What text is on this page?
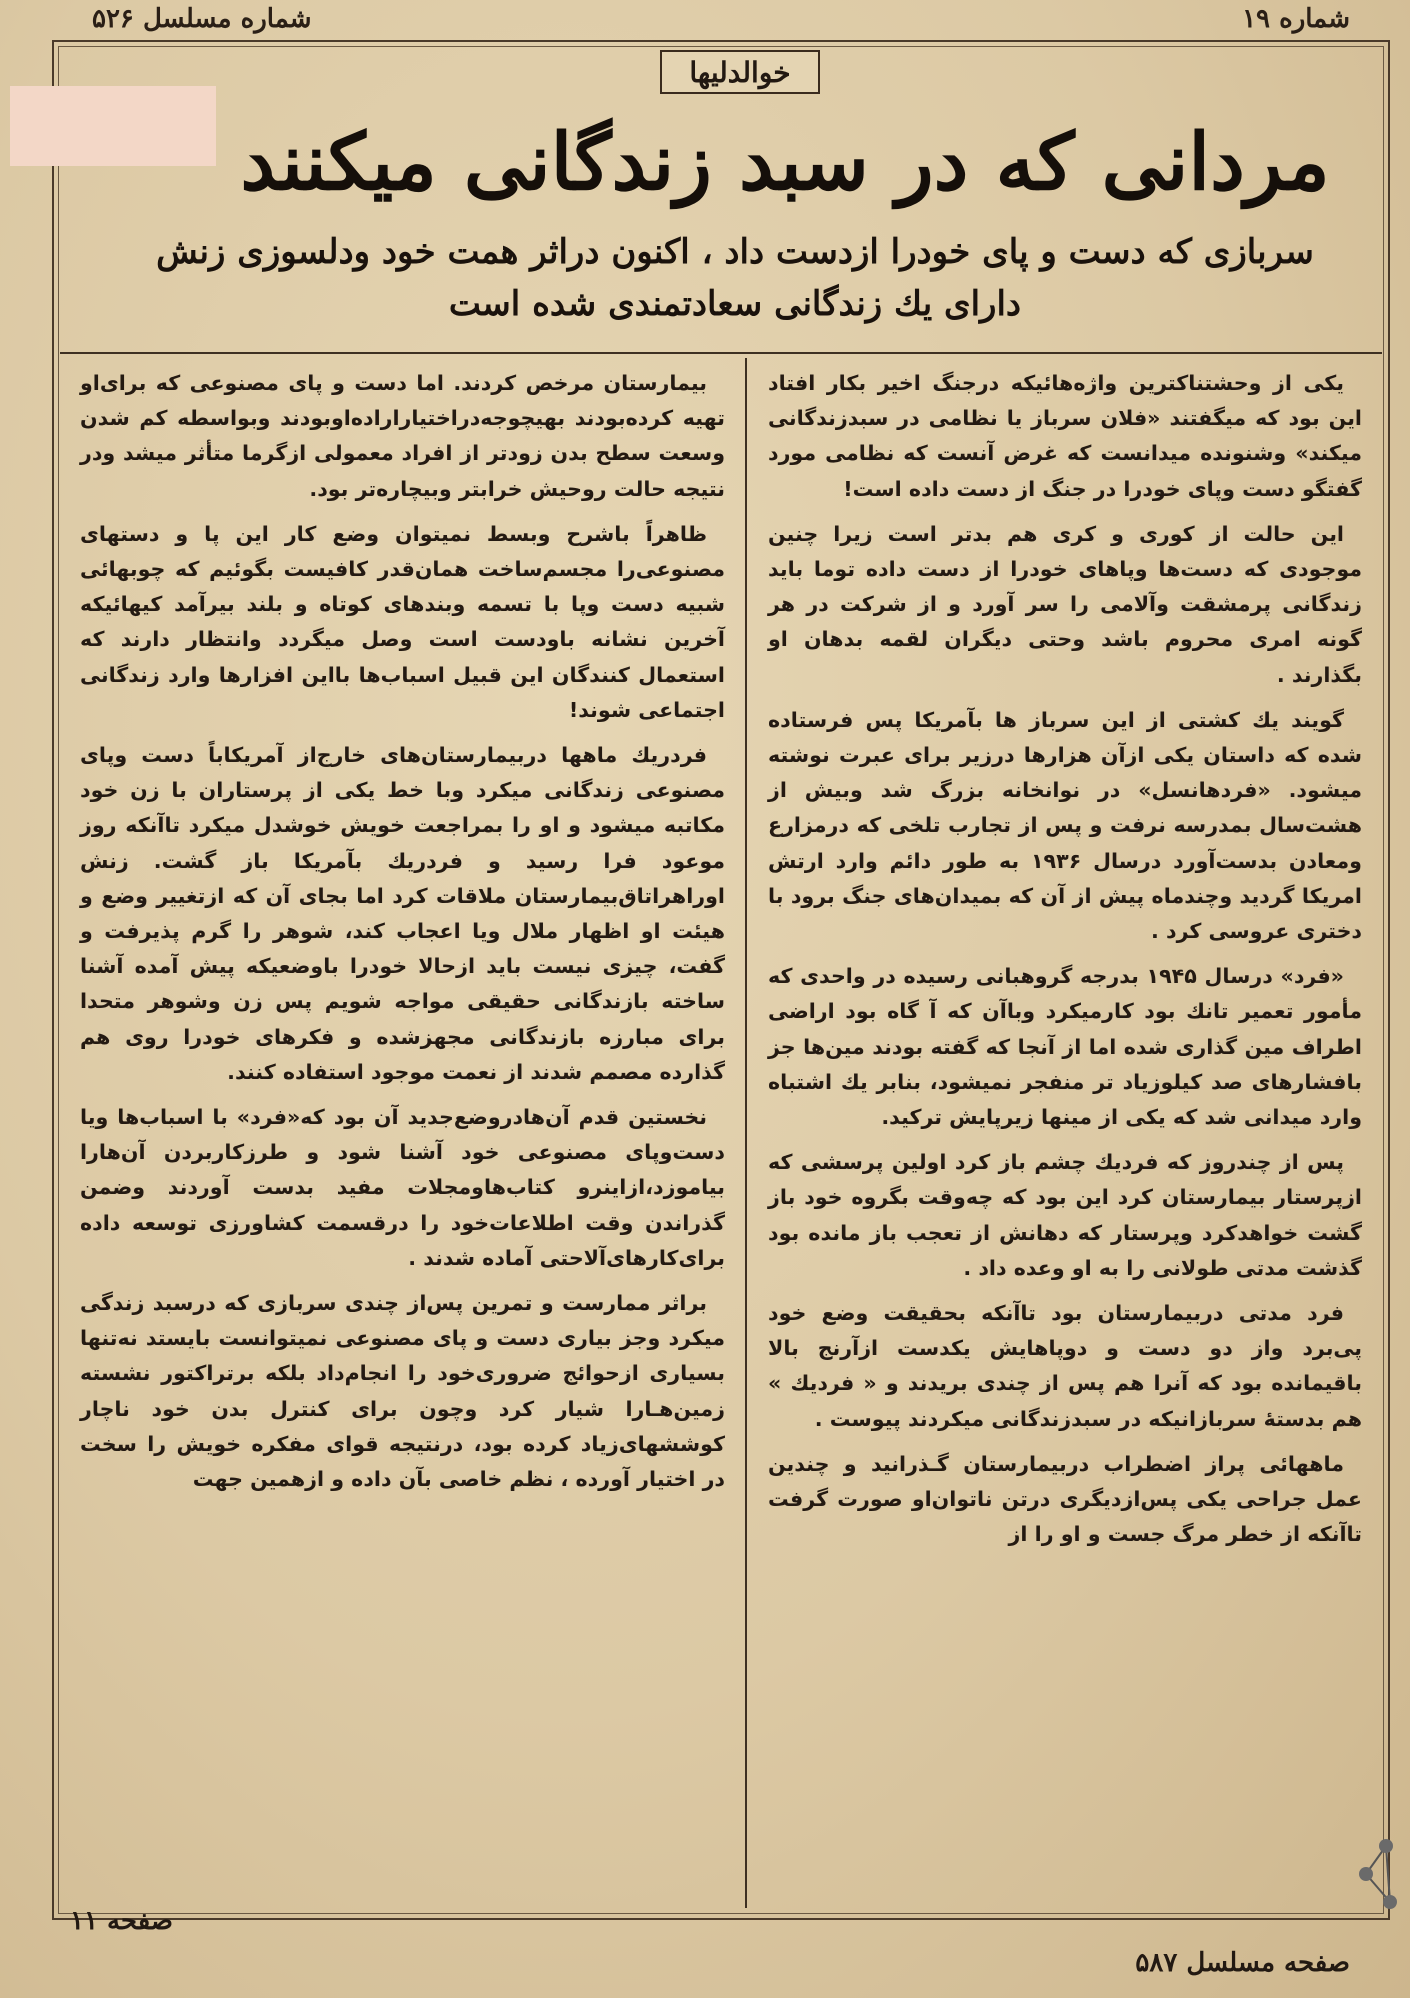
شماره مسلسل ۵۲۶	شماره ۱۹
خوالدلیها
مردانی که در سبد زندگانی میکنند
سربازی که دست و پای خودرا ازدست داد ، اکنون دراثر همت خود ودلسوزی زنش دارای یك زندگانی سعادتمندی شده است

یکی از وحشتناکترین واژه‌هائیکه درجنگ اخیر بکار افتاد این بود که میگفتند «فلان سرباز یا نظامی در سبدزندگانی میکند» وشنونده میدانست که غرض آنست که نظامی مورد گفتگو دست وپای خودرا در جنگ از دست داده است!

این حالت از کوری و کری هم بدتر است زیرا چنین موجودی که دست‌ها وپاهای خودرا از دست داده توما باید زندگانی پرمشقت وآلامی را سر آورد و از شرکت در هر گونه امری محروم باشد وحتی دیگران لقمه بدهان او بگذارند .

گویند یك کشتی از این سرباز ها بآمریکا پس فرستاده شده که داستان یکی ازآن هزارها درزیر برای عبرت نوشته میشود. «فردهانسل» در نوانخانه بزرگ شد وبیش از هشت‌سال بمدرسه نرفت و پس از تجارب تلخی که درمزارع ومعادن بدست‌آورد درسال ۱۹۳۶ به طور دائم وارد ارتش امریکا گردید وچندماه پیش از آن که بمیدان‌های جنگ برود با دختری عروسی کرد .

«فرد» درسال ۱۹۴۵ بدرجه گروهبانی رسیده در واحدی که مأمور تعمیر تانك بود کارمیکرد وباآن که آ گاه بود اراضی اطراف مین گذاری شده اما از آنجا که گفته بودند مین‌ها جز بافشارهای صد کیلوزیاد تر منفجر نمیشود، بنابر یك اشتباه وارد میدانی شد که یکی از مینها زیرپایش ترکید.

پس از چندروز که فردیك چشم باز کرد اولین پرسشی که ازپرستار بیمارستان کرد این بود که چه‌وقت بگروه خود باز گشت خواهدکرد وپرستار که دهانش از تعجب باز مانده بود گذشت مدتی طولانی را به او وعده داد .

فرد مدتی دربیمارستان بود تاآنکه بحقیقت وضع خود پی‌برد واز دو دست و دوپاهایش یکدست ازآرنج بالا باقیمانده بود که آنرا هم پس از چندی بریدند و « فردیك » هم بدستهٔ سربازانیکه در سبدزندگانی میکردند پیوست .

ماههائی پراز اضطراب دربیمارستان گـذرانید و چندین عمل جراحی یکی پس‌ازدیگری درتن ناتوان‌او صورت گرفت تاآنکه از خطر مرگ جست و او را از

بیمارستان مرخص کردند. اما دست و پای مصنوعی که برای‌او تهیه کرده‌بودند بهیچوجه‌دراختیاراراده‌اوبودند وبواسطه کم شدن وسعت سطح بدن زودتر از افراد معمولی ازگرما متأثر میشد ودر نتیجه حالت روحیش خرابتر وبیچاره‌تر بود.

ظاهراً باشرح وبسط نمیتوان وضع کار این پا و دستهای مصنوعی‌را مجسم‌ساخت همان‌قدر کافیست بگوئیم که چوبهائی شبیه دست وپا با تسمه وبندهای کوتاه و بلند بیرآمد کیهائیکه آخرین نشانه باودست است وصل میگردد وانتظار دارند که استعمال کنندگان این قبیل اسباب‌ها بااین افزارها وارد زندگانی اجتماعی شوند!

فردریك ماهها دربیمارستان‌های خارج‌از آمریکاباً دست وپای مصنوعی زندگانی میکرد وبا خط یکی از پرستاران با زن خود مکاتبه میشود و او را بمراجعت خویش خوشدل میکرد تاآنکه روز موعود فرا رسید و فردریك بآمریکا باز گشت. زنش اوراهراتاق‌بیمارستان ملاقات کرد اما بجای آن که ازتغییر وضع و هیئت او اظهار ملال ویا اعجاب کند، شوهر را گرم پذیرفت و گفت، چیزی نیست باید ازحالا خودرا باوضعیکه پیش آمده آشنا ساخته بازندگانی حقیقی مواجه شویم پس زن وشوهر متحدا برای مبارزه بازندگانی مجهزشده و فکرهای خودرا روی هم گذارده مصمم شدند از نعمت موجود استفاده کنند.

نخستین قدم آن‌هادروضع‌جدید آن بود که«فرد» با اسباب‌ها ویا دست‌وپای مصنوعی خود آشنا شود و طرزکاربردن آن‌هارا بیاموزد،ازاینرو کتاب‌هاومجلات مفید بدست آوردند وضمن گذراندن وقت اطلاعات‌خود را درقسمت کشاورزی توسعه داده برای‌کارهای‌آلاحتی آماده شدند .

براثر ممارست و تمرین پس‌از چندی سربازی که درسبد زندگی میکرد وجز بیاری دست و پای مصنوعی نمیتوانست بایستد نه‌تنها بسیاری ازحوائج ضروری‌خود را انجام‌داد بلکه برتراکتور نشسته زمین‌هـارا شیار کرد وچون برای کنترل بدن خود ناچار کوششهای‌زیاد کرده بود، درنتیجه قوای مفکره خویش را سخت در اختیار آورده ، نظم خاصی بآن داده و ازهمین جهت

صفحه ۱۱
صفحه مسلسل ۵۸۷
